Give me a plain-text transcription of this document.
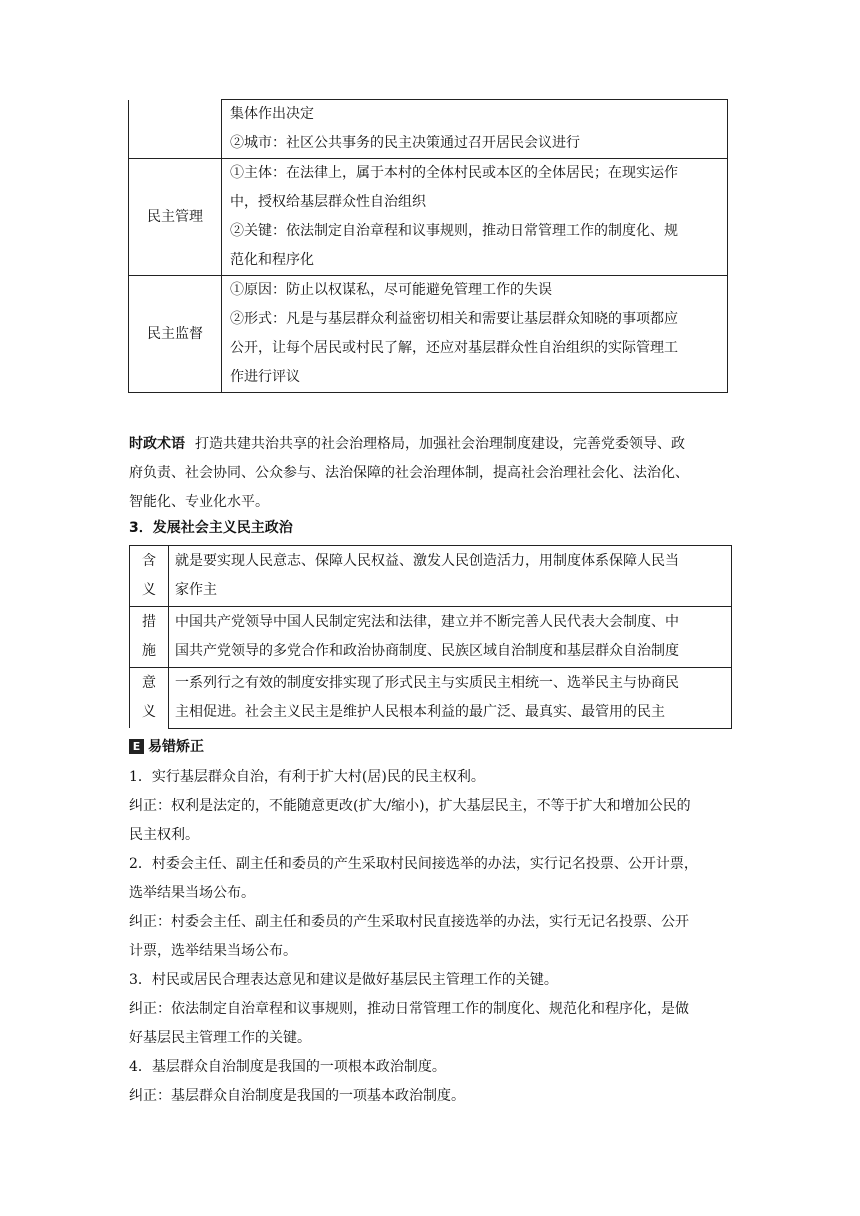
	集体作出决定
②城市：社区公共事务的民主决策通过召开居民会议进行

民主管理	①主体：在法律上，属于本村的全体村民或本区的全体居民；在现实运作
中，授权给基层群众性自治组织
②关键：依法制定自治章程和议事规则，推动日常管理工作的制度化、规
范化和程序化

民主监督	①原因：防止以权谋私，尽可能避免管理工作的失误
②形式：凡是与基层群众利益密切相关和需要让基层群众知晓的事项都应
公开，让每个居民或村民了解，还应对基层群众性自治组织的实际管理工
作进行评议
时政术语 打造共建共治共享的社会治理格局，加强社会治理制度建设，完善党委领导、政
府负责、社会协同、公众参与、法治保障的社会治理体制，提高社会治理社会化、法治化、
智能化、专业化水平。
3．发展社会主义民主政治
含
义	就是要实现人民意志、保障人民权益、激发人民创造活力，用制度体系保障人民当
家作主

措
施	中国共产党领导中国人民制定宪法和法律，建立并不断完善人民代表大会制度、中
国共产党领导的多党合作和政治协商制度、民族区域自治制度和基层群众自治制度

意
义	一系列行之有效的制度安排实现了形式民主与实质民主相统一、选举民主与协商民
主相促进。社会主义民主是维护人民根本利益的最广泛、最真实、最管用的民主
E 易错矫正

1．实行基层群众自治，有利于扩大村(居)民的民主权利。

纠正：权利是法定的，不能随意更改(扩大/缩小)，扩大基层民主，不等于扩大和增加公民的

民主权利。

2．村委会主任、副主任和委员的产生采取村民间接选举的办法，实行记名投票、公开计票，

选举结果当场公布。

纠正：村委会主任、副主任和委员的产生采取村民直接选举的办法，实行无记名投票、公开

计票，选举结果当场公布。

3．村民或居民合理表达意见和建议是做好基层民主管理工作的关键。

纠正：依法制定自治章程和议事规则，推动日常管理工作的制度化、规范化和程序化，是做

好基层民主管理工作的关键。

4．基层群众自治制度是我国的一项根本政治制度。

纠正：基层群众自治制度是我国的一项基本政治制度。
